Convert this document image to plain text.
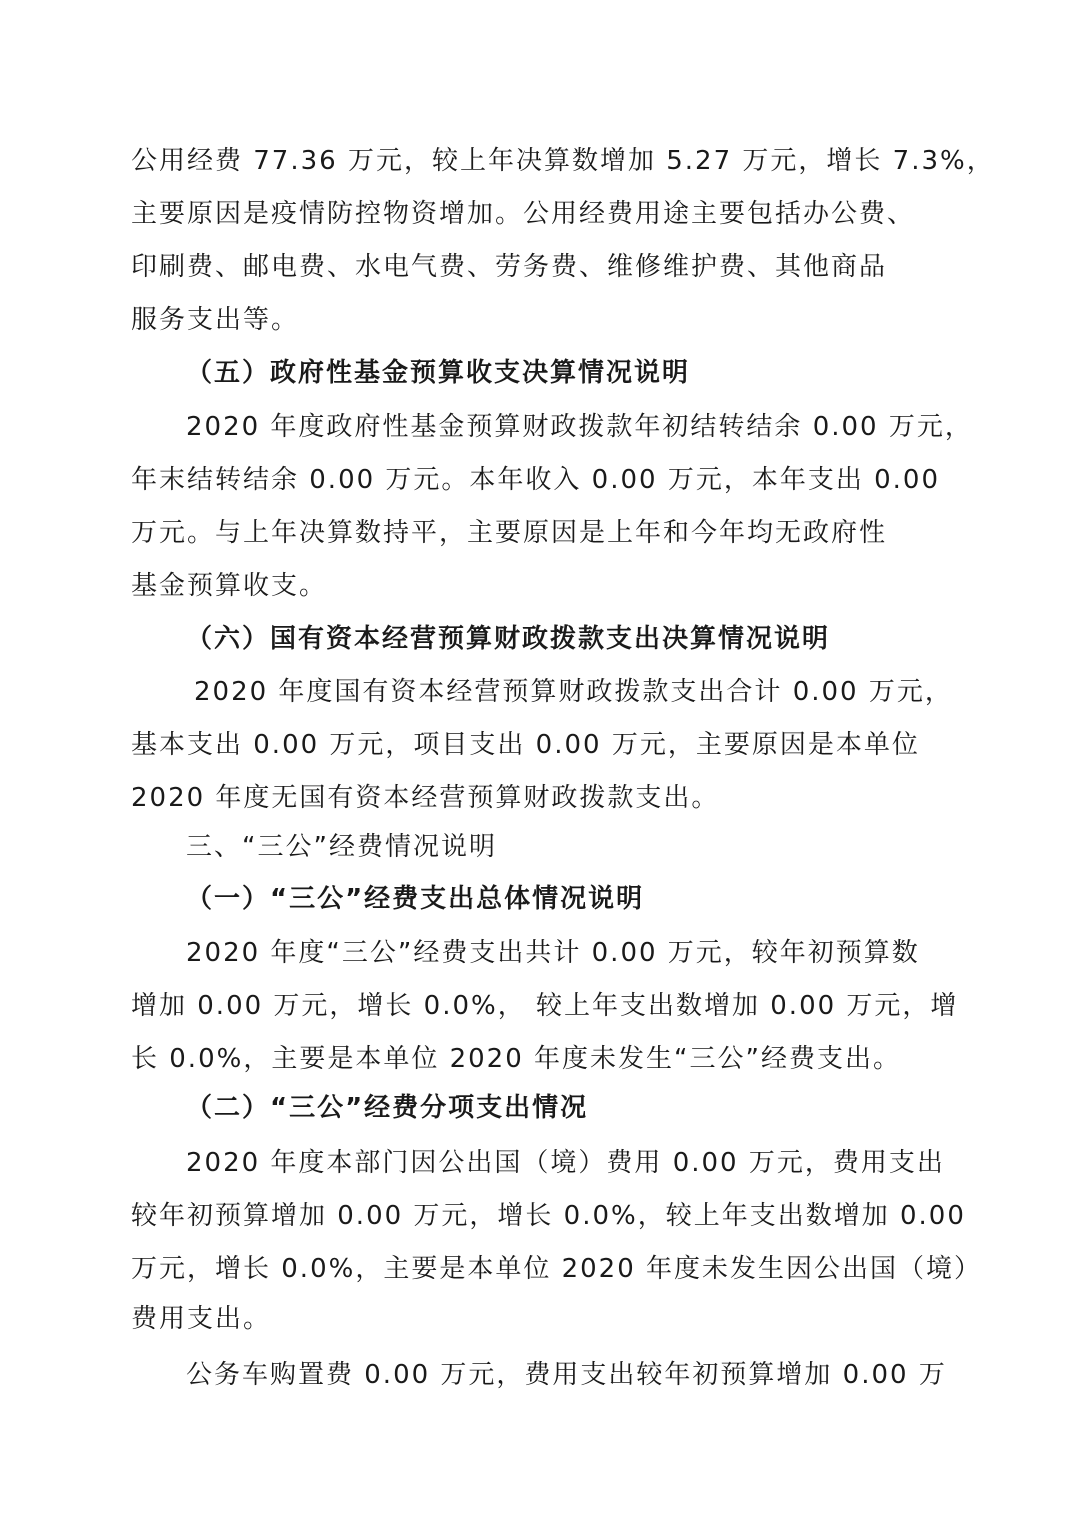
公用经费 77.36 万元，较上年决算数增加 5.27 万元，增长 7.3%，
主要原因是疫情防控物资增加。公用经费用途主要包括办公费、
印刷费、邮电费、水电气费、劳务费、维修维护费、其他商品
服务支出等。
（五）政府性基金预算收支决算情况说明
2020 年度政府性基金预算财政拨款年初结转结余 0.00 万元，
年末结转结余 0.00 万元。本年收入 0.00 万元，本年支出 0.00
万元。与上年决算数持平，主要原因是上年和今年均无政府性
基金预算收支。
（六）国有资本经营预算财政拨款支出决算情况说明
2020 年度国有资本经营预算财政拨款支出合计 0.00 万元，
基本支出 0.00 万元，项目支出 0.00 万元，主要原因是本单位
2020 年度无国有资本经营预算财政拨款支出。
三、“三公”经费情况说明
（一）“三公”经费支出总体情况说明
2020 年度“三公”经费支出共计 0.00 万元，较年初预算数
增加 0.00 万元，增长 0.0%， 较上年支出数增加 0.00 万元，增
长 0.0%，主要是本单位 2020 年度未发生“三公”经费支出。
（二）“三公”经费分项支出情况
2020 年度本部门因公出国（境）费用 0.00 万元，费用支出
较年初预算增加 0.00 万元，增长 0.0%，较上年支出数增加 0.00
万元，增长 0.0%，主要是本单位 2020 年度未发生因公出国（境）
费用支出。
公务车购置费 0.00 万元，费用支出较年初预算增加 0.00 万
